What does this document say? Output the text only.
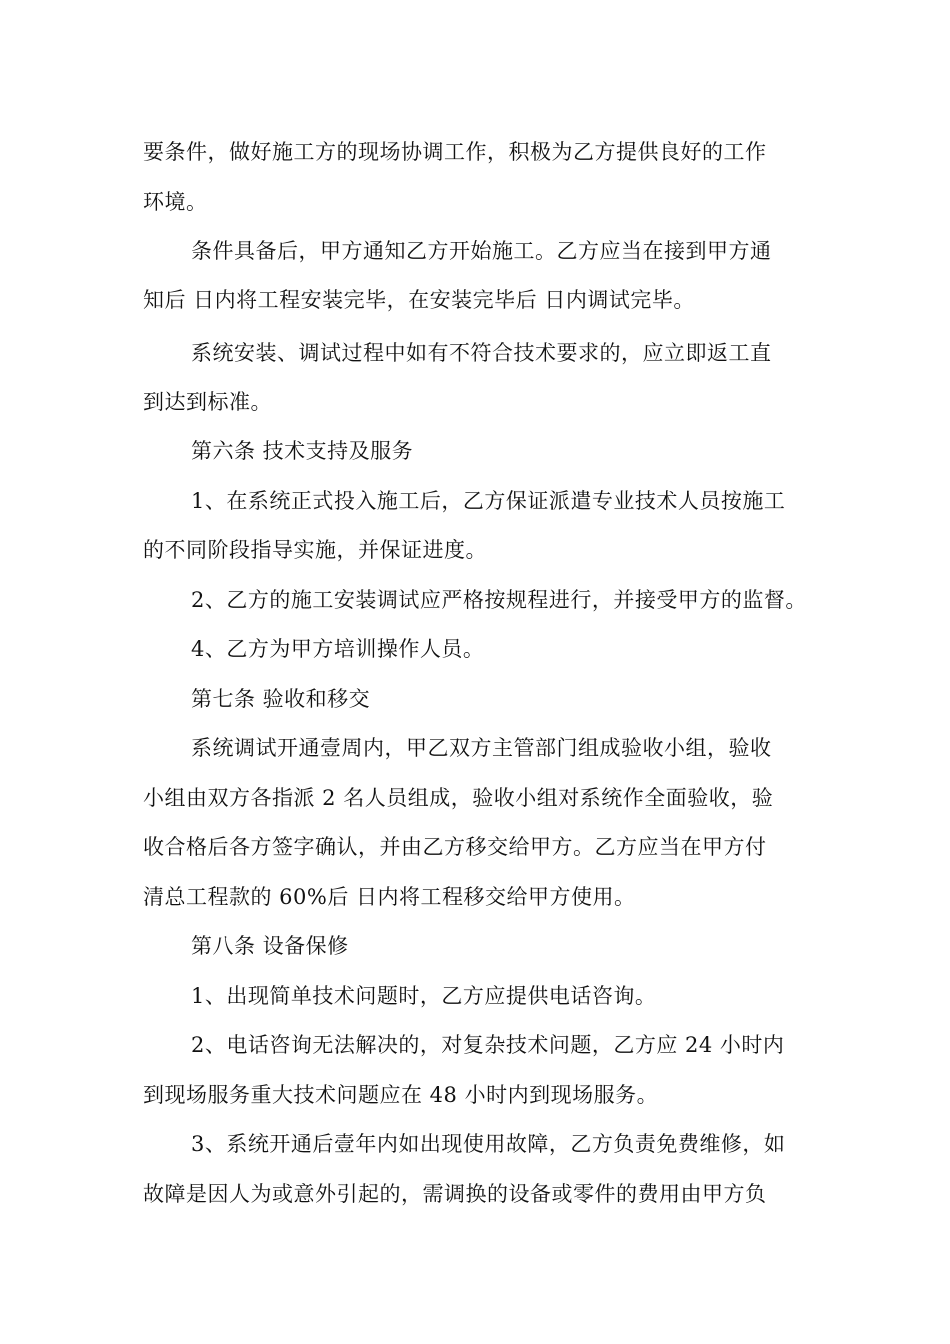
要条件，做好施工方的现场协调工作，积极为乙方提供良好的工作
环境。
条件具备后，甲方通知乙方开始施工。乙方应当在接到甲方通
知后 日内将工程安装完毕，在安装完毕后 日内调试完毕。
系统安装、调试过程中如有不符合技术要求的，应立即返工直
到达到标准。
第六条 技术支持及服务
1、在系统正式投入施工后，乙方保证派遣专业技术人员按施工
的不同阶段指导实施，并保证进度。
2、乙方的施工安装调试应严格按规程进行，并接受甲方的监督。
4、乙方为甲方培训操作人员。
第七条 验收和移交
系统调试开通壹周内，甲乙双方主管部门组成验收小组，验收
小组由双方各指派 2 名人员组成，验收小组对系统作全面验收，验
收合格后各方签字确认，并由乙方移交给甲方。乙方应当在甲方付
清总工程款的 60%后 日内将工程移交给甲方使用。
第八条 设备保修
1、出现简单技术问题时，乙方应提供电话咨询。
2、电话咨询无法解决的，对复杂技术问题，乙方应 24 小时内
到现场服务重大技术问题应在 48 小时内到现场服务。
3、系统开通后壹年内如出现使用故障，乙方负责免费维修，如
故障是因人为或意外引起的，需调换的设备或零件的费用由甲方负
